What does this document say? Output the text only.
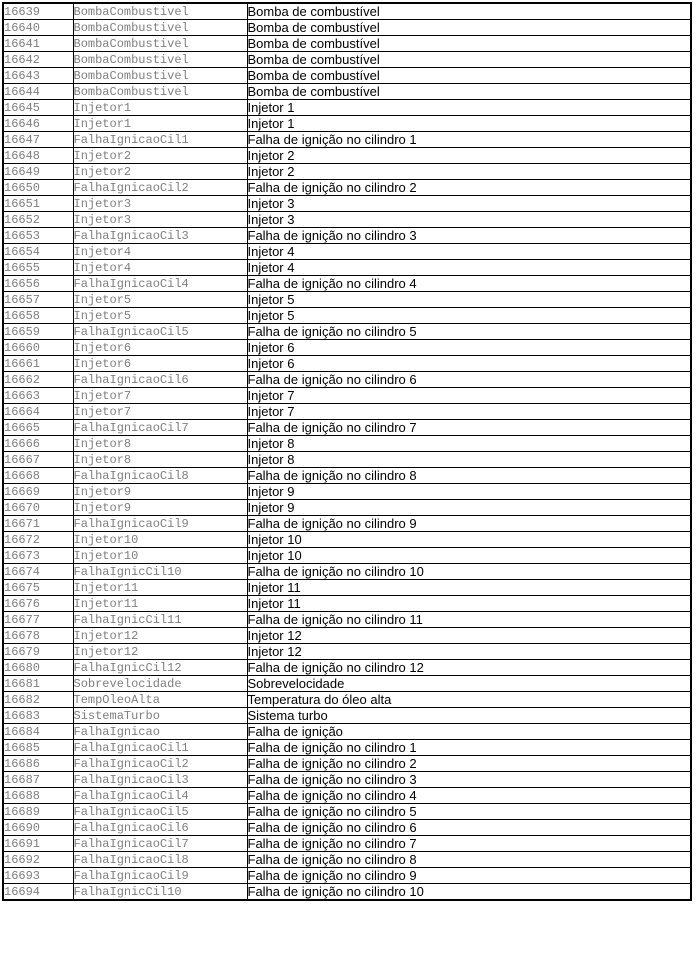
16639	BombaCombustivel	Bomba de combustível
16640	BombaCombustivel	Bomba de combustível
16641	BombaCombustivel	Bomba de combustível
16642	BombaCombustivel	Bomba de combustível
16643	BombaCombustivel	Bomba de combustível
16644	BombaCombustivel	Bomba de combustível
16645	Injetor1	Injetor 1
16646	Injetor1	Injetor 1
16647	FalhaIgnicaoCil1	Falha de ignição no cilindro 1
16648	Injetor2	Injetor 2
16649	Injetor2	Injetor 2
16650	FalhaIgnicaoCil2	Falha de ignição no cilindro 2
16651	Injetor3	Injetor 3
16652	Injetor3	Injetor 3
16653	FalhaIgnicaoCil3	Falha de ignição no cilindro 3
16654	Injetor4	Injetor 4
16655	Injetor4	Injetor 4
16656	FalhaIgnicaoCil4	Falha de ignição no cilindro 4
16657	Injetor5	Injetor 5
16658	Injetor5	Injetor 5
16659	FalhaIgnicaoCil5	Falha de ignição no cilindro 5
16660	Injetor6	Injetor 6
16661	Injetor6	Injetor 6
16662	FalhaIgnicaoCil6	Falha de ignição no cilindro 6
16663	Injetor7	Injetor 7
16664	Injetor7	Injetor 7
16665	FalhaIgnicaoCil7	Falha de ignição no cilindro 7
16666	Injetor8	Injetor 8
16667	Injetor8	Injetor 8
16668	FalhaIgnicaoCil8	Falha de ignição no cilindro 8
16669	Injetor9	Injetor 9
16670	Injetor9	Injetor 9
16671	FalhaIgnicaoCil9	Falha de ignição no cilindro 9
16672	Injetor10	Injetor 10
16673	Injetor10	Injetor 10
16674	FalhaIgnicCil10	Falha de ignição no cilindro 10
16675	Injetor11	Injetor 11
16676	Injetor11	Injetor 11
16677	FalhaIgnicCil11	Falha de ignição no cilindro 11
16678	Injetor12	Injetor 12
16679	Injetor12	Injetor 12
16680	FalhaIgnicCil12	Falha de ignição no cilindro 12
16681	Sobrevelocidade	Sobrevelocidade
16682	TempOleoAlta	Temperatura do óleo alta
16683	SistemaTurbo	Sistema turbo
16684	FalhaIgnicao	Falha de ignição
16685	FalhaIgnicaoCil1	Falha de ignição no cilindro 1
16686	FalhaIgnicaoCil2	Falha de ignição no cilindro 2
16687	FalhaIgnicaoCil3	Falha de ignição no cilindro 3
16688	FalhaIgnicaoCil4	Falha de ignição no cilindro 4
16689	FalhaIgnicaoCil5	Falha de ignição no cilindro 5
16690	FalhaIgnicaoCil6	Falha de ignição no cilindro 6
16691	FalhaIgnicaoCil7	Falha de ignição no cilindro 7
16692	FalhaIgnicaoCil8	Falha de ignição no cilindro 8
16693	FalhaIgnicaoCil9	Falha de ignição no cilindro 9
16694	FalhaIgnicCil10	Falha de ignição no cilindro 10
